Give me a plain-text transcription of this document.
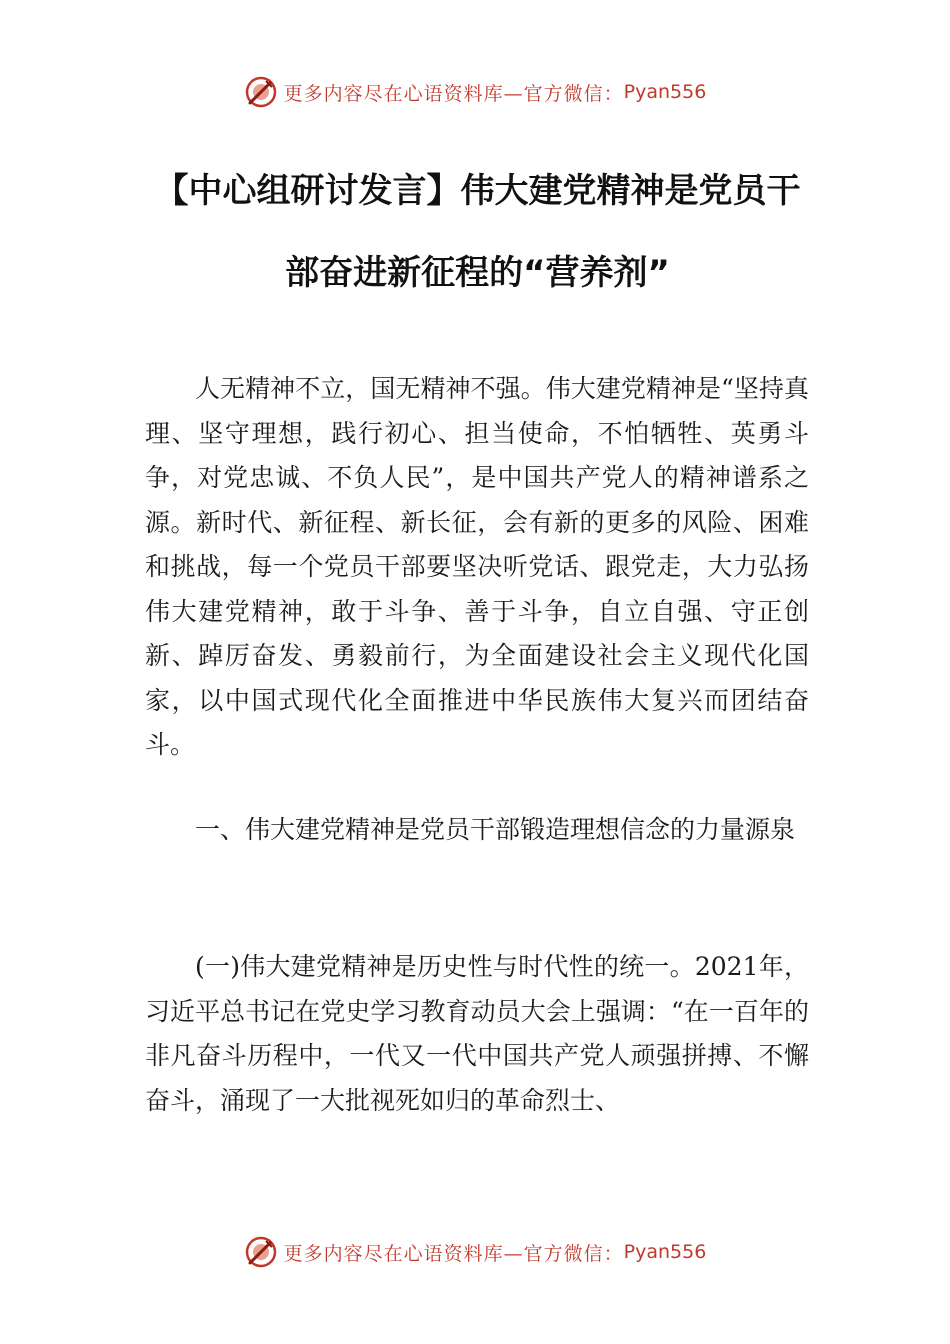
更多内容尽在心语资料库—官方微信： Pyan556
【中心组研讨发言】伟大建党精神是党员干部奋进新征程的“营养剂”

人无精神不立，国无精神不强。伟大建党精神是“坚持真理、坚守理想，践行初心、担当使命，不怕牺牲、英勇斗争，对党忠诚、不负人民”，是中国共产党人的精神谱系之源。新时代、新征程、新长征，会有新的更多的风险、困难和挑战，每一个党员干部要坚决听党话、跟党走，大力弘扬伟大建党精神，敢于斗争、善于斗争，自立自强、守正创新、踔厉奋发、勇毅前行，为全面建设社会主义现代化国家，以中国式现代化全面推进中华民族伟大复兴而团结奋斗。

一、伟大建党精神是党员干部锻造理想信念的力量源泉

(一)伟大建党精神是历史性与时代性的统一。2021年，习近平总书记在党史学习教育动员大会上强调：“在一百年的非凡奋斗历程中，一代又一代中国共产党人顽强拼搏、不懈奋斗，涌现了一大批视死如归的革命烈士、

更多内容尽在心语资料库—官方微信： Pyan556
